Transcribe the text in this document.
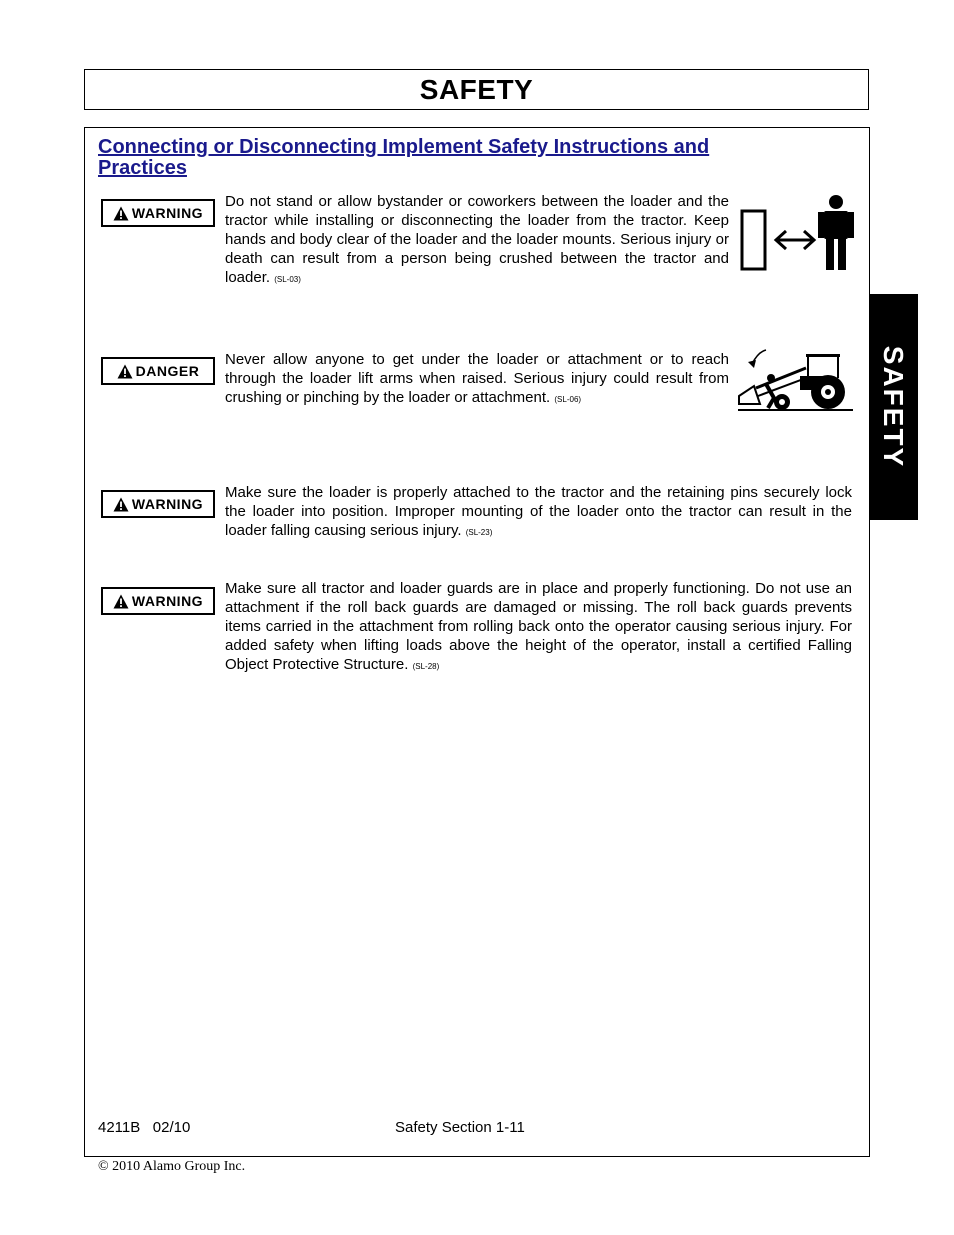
SAFETY
Connecting or Disconnecting Implement Safety Instructions and Practices
WARNING

Do not stand or allow bystander or coworkers between the loader and the tractor while installing or disconnecting the loader from the tractor. Keep hands and body clear of the loader and the loader mounts. Serious injury or death can result from a person being crushed between the tractor and loader. (SL-03)

DANGER

Never allow anyone to get under the loader or attachment or to reach through the loader lift arms when raised. Serious injury could result from crushing or pinching by the loader or attachment. (SL-06)

WARNING

Make sure the loader is properly attached to the tractor and the retaining pins securely lock the loader into position. Improper mounting of the loader onto the tractor can result in the loader falling causing serious injury. (SL-23)

WARNING

Make sure all tractor and loader guards are in place and properly functioning. Do not use an attachment if the roll back guards are damaged or missing. The roll back guards prevents items carried in the attachment from rolling back onto the operator causing serious injury. For added safety when lifting loads above the height of the operator, install a certified Falling Object Protective Structure. (SL-28)

SAFETY
4211B   02/10	Safety Section 1-11
© 2010 Alamo Group Inc.
